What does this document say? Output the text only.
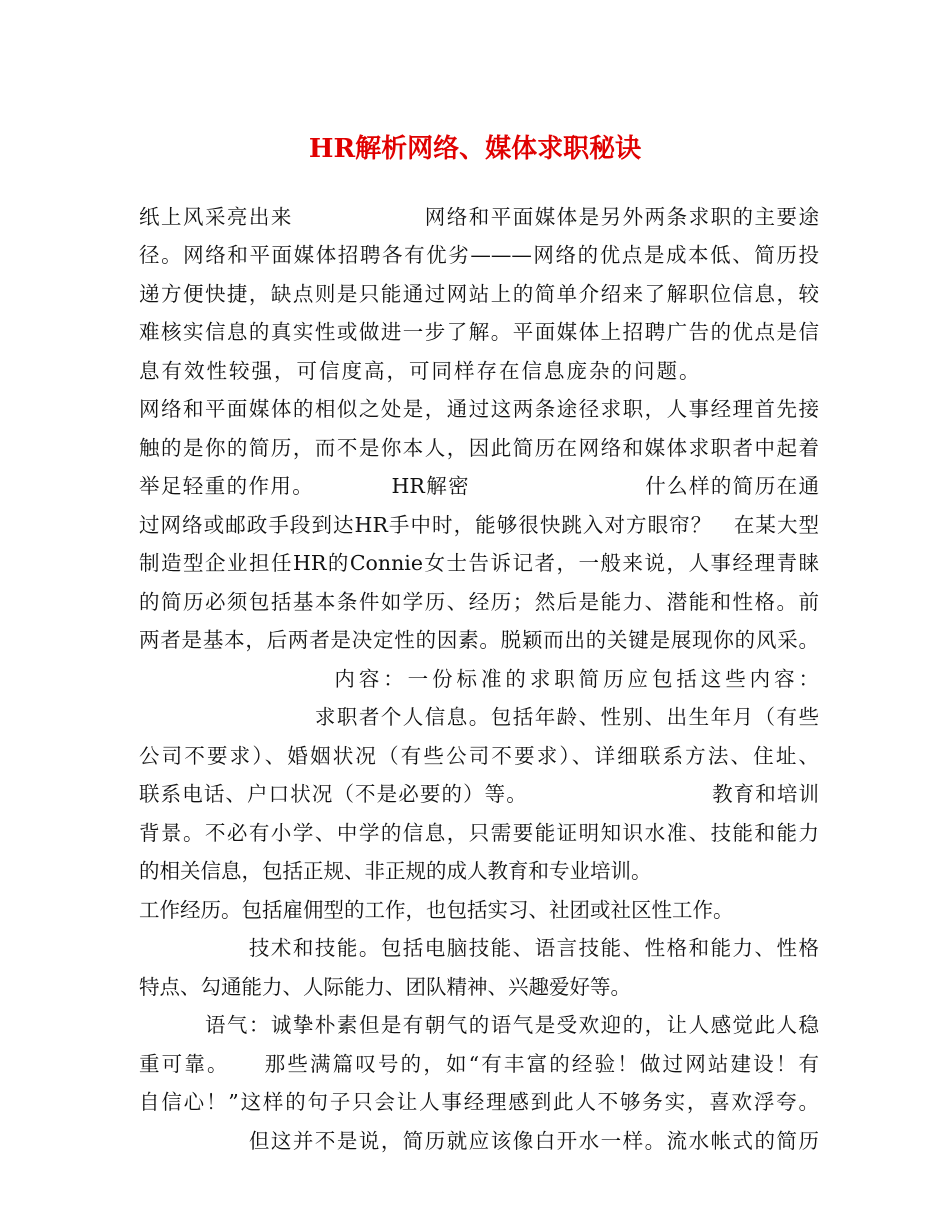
HR解析网络、媒体求职秘诀
纸上风采亮出来　　　　　　网络和平面媒体是另外两条求职的主要途
径。网络和平面媒体招聘各有优劣———网络的优点是成本低、简历投
递方便快捷，缺点则是只能通过网站上的简单介绍来了解职位信息，较
难核实信息的真实性或做进一步了解。平面媒体上招聘广告的优点是信
息有效性较强，可信度高，可同样存在信息庞杂的问题。
网络和平面媒体的相似之处是，通过这两条途径求职，人事经理首先接
触的是你的简历，而不是你本人，因此简历在网络和媒体求职者中起着
举足轻重的作用。　　　　HR解密　　　　　　　　什么样的简历在通
过网络或邮政手段到达HR手中时，能够很快跳入对方眼帘？　在某大型
制造型企业担任HR的Connie女士告诉记者，一般来说，人事经理青睐
的简历必须包括基本条件如学历、经历；然后是能力、潜能和性格。前
两者是基本，后两者是决定性的因素。脱颖而出的关键是展现你的风采。
　　　　　　　　内容：一份标准的求职简历应包括这些内容：
　　　　　　　　求职者个人信息。包括年龄、性别、出生年月（有些
公司不要求）、婚姻状况（有些公司不要求）、详细联系方法、住址、
联系电话、户口状况（不是必要的）等。　　　　　　　　　教育和培训
背景。不必有小学、中学的信息，只需要能证明知识水准、技能和能力
的相关信息，包括正规、非正规的成人教育和专业培训。
工作经历。包括雇佣型的工作，也包括实习、社团或社区性工作。
　　　　　技术和技能。包括电脑技能、语言技能、性格和能力、性格
特点、勾通能力、人际能力、团队精神、兴趣爱好等。
　　　语气：诚挚朴素但是有朝气的语气是受欢迎的，让人感觉此人稳
重可靠。　　那些满篇叹号的，如“有丰富的经验！做过网站建设！有
自信心！”这样的句子只会让人事经理感到此人不够务实，喜欢浮夸。
　　　　　但这并不是说，简历就应该像白开水一样。流水帐式的简历
